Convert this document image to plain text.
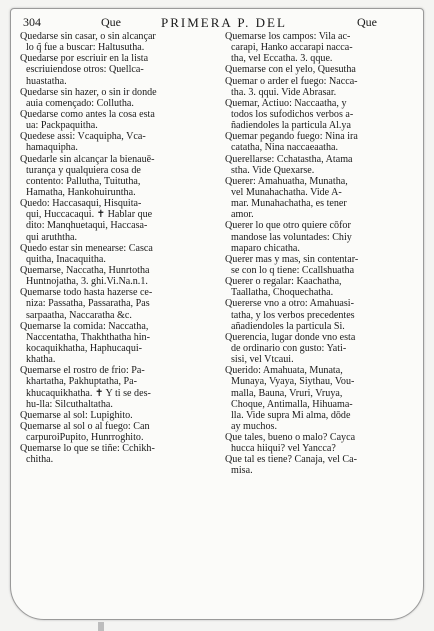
304	Que	PRIMERA P. DEL	Que
Quedarse sin casar, o sin alcançar
lo q̃ fue a buscar: Haltusutha.
Quedarse por escriuir en la lista
escriuiendose otros: Quellca-
huastatha.
Quedarse sin hazer, o sin ir donde
auia començado: Collutha.
Quedarse como antes la cosa esta
ua: Packpaquitha.
Quedese assi: Vcaquipha, Vca-
hamaquipha.
Quedarle sin alcançar la bienauē-
turança y qualquiera cosa de
contento: Pallutha, Tuitutha,
Hamatha, Hankohuiruntha.
Quedo: Haccasaqui, Hisquita-
qui, Huccacaqui. ✝ Hablar que
dito: Manqhuetaqui, Haccasa-
qui aruththa.
Quedo estar sin menearse: Casca
quitha, Inacaquitha.
Quemarse, Naccatha, Hunrtotha
Huntnojatha, 3. ghi.Vi.Na.n.1.
Quemarse todo hasta hazerse ce-
niza: Passatha, Passaratha, Pas
sarpaatha, Naccaratha &c.
Quemarse la comida: Naccatha,
Naccentatha, Thakhthatha hin-
kocaquikhatha, Haphucaqui-
khatha.
Quemarse el rostro de frio: Pa-
khartatha, Pakhuptatha, Pa-
khucaquikhatha. ✝ Y ti se des-
hu-lla: Silcuthaltatha.
Quemarse al sol: Lupighito.
Quemarse al sol o al fuego: Can
carpuroiPupito, Hunrroghito.
Quemarse lo que se tiñe: Cchikh-
chitha.
Quemarse los campos: Vila ac-
carapi, Hanko accarapi nacca-
tha, vel Eccatha. 3. qque.
Quemarse con el yelo, Quesutha
Quemar o arder el fuego: Nacca-
tha. 3. qqui. Vide Abrasar.
Quemar, Actiuo: Naccaatha, y
todos los sufodichos verbos a-
ñadiendoles la particula Al.ya
Quemar pegando fuego: Nina ira
catatha, Nina naccaeaatha.
Querellarse: Cchatastha, Atama
stha. Vide Quexarse.
Querer: Amahuatha, Munatha,
vel Munahachatha. Vide A-
mar. Munahachatha, es tener
amor.
Querer lo que otro quiere cōfor
mandose las voluntades: Chiy
maparo chicatha.
Querer mas y mas, sin contentar-
se con lo q tiene: Ccallshuatha
Querer o regalar: Kaachatha,
Taallatha, Choquechatha.
Quererse vno a otro: Amahuasi-
tatha, y los verbos precedentes
añadiendoles la particula Si.
Querencia, lugar donde vno esta
de ordinario con gusto: Yati-
sisi, vel Vtcaui.
Querido: Amahuata, Munata,
Munaya, Vyaya, Siythau, Vou-
malla, Bauna, Vruri, Vruya,
Choque, Antimalla, Hihuama-
lla. Vide supra Mi alma, dōde
ay muchos.
Que tales, bueno o malo? Cayca
hucca hiiqui? vel Yancca?
Que tal es tiene? Canaja, vel Ca-
misa.
